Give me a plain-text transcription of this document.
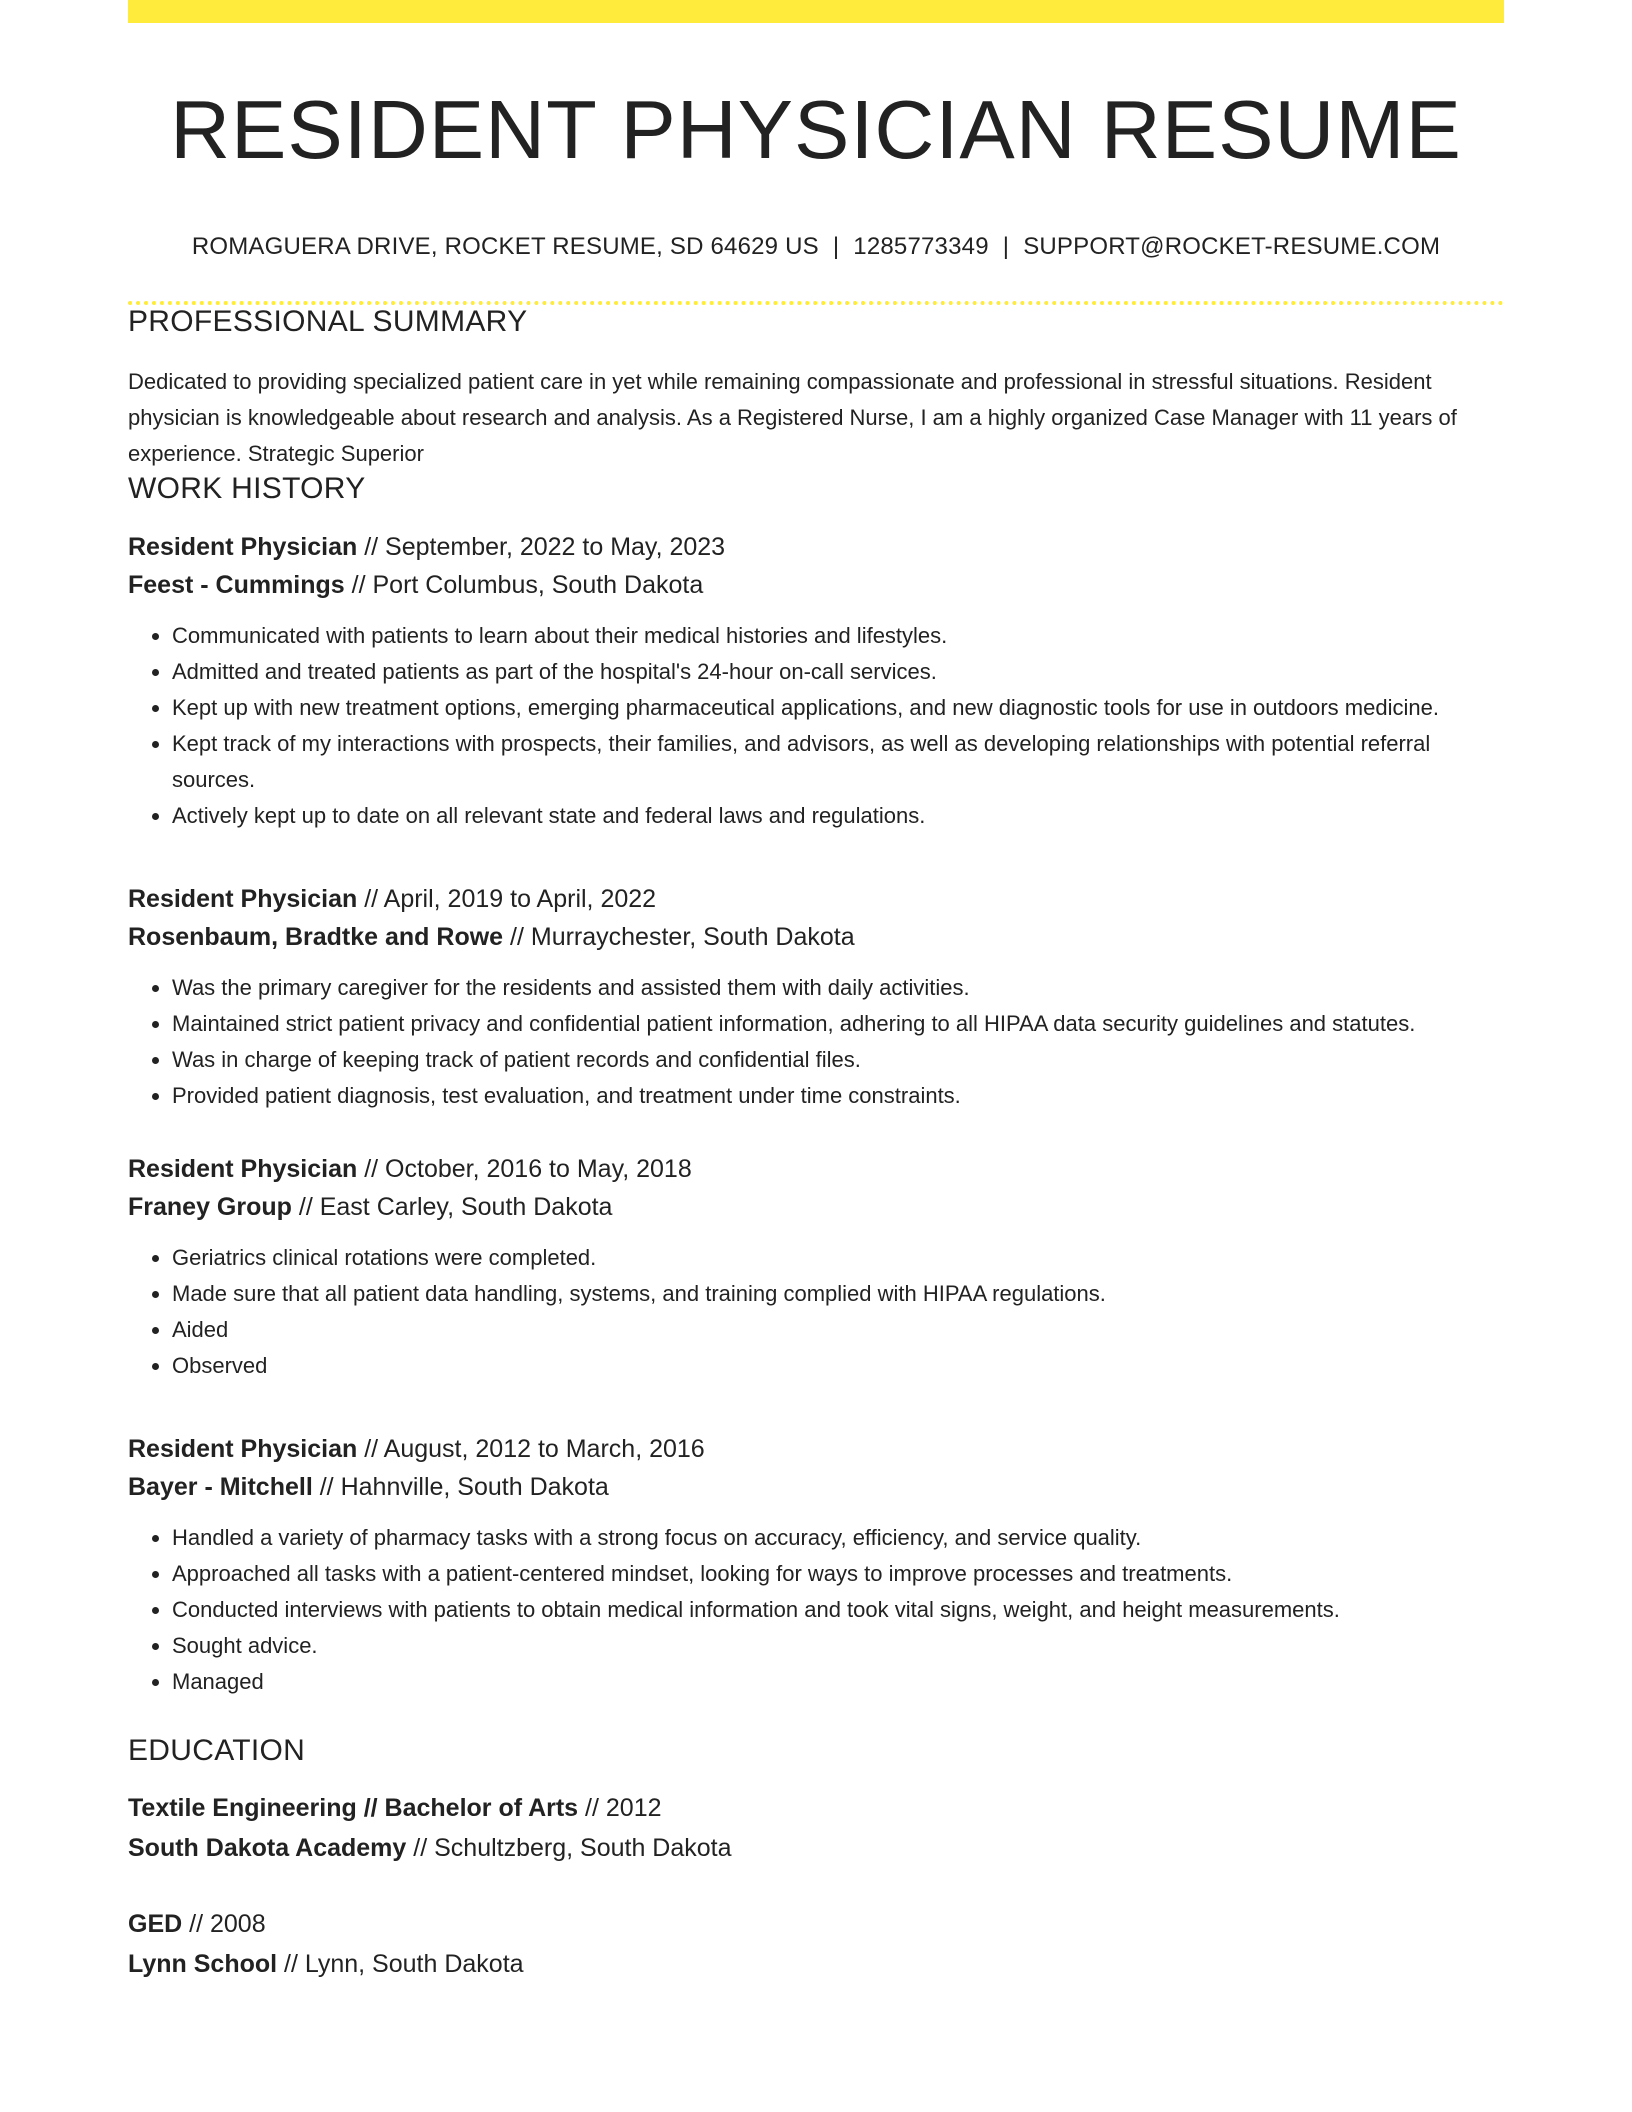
RESIDENT PHYSICIAN RESUME
ROMAGUERA DRIVE, ROCKET RESUME, SD 64629 US | 1285773349 | SUPPORT@ROCKET-RESUME.COM
PROFESSIONAL SUMMARY
Dedicated to providing specialized patient care in yet while remaining compassionate and professional in stressful situations. Resident physician is knowledgeable about research and analysis. As a Registered Nurse, I am a highly organized Case Manager with 11 years of experience. Strategic Superior
WORK HISTORY
Resident Physician // September, 2022 to May, 2023
Feest - Cummings // Port Columbus, South Dakota
• Communicated with patients to learn about their medical histories and lifestyles.
• Admitted and treated patients as part of the hospital's 24-hour on-call services.
• Kept up with new treatment options, emerging pharmaceutical applications, and new diagnostic tools for use in outdoors medicine.
• Kept track of my interactions with prospects, their families, and advisors, as well as developing relationships with potential referral sources.
• Actively kept up to date on all relevant state and federal laws and regulations.
Resident Physician // April, 2019 to April, 2022
Rosenbaum, Bradtke and Rowe // Murraychester, South Dakota
• Was the primary caregiver for the residents and assisted them with daily activities.
• Maintained strict patient privacy and confidential patient information, adhering to all HIPAA data security guidelines and statutes.
• Was in charge of keeping track of patient records and confidential files.
• Provided patient diagnosis, test evaluation, and treatment under time constraints.
Resident Physician // October, 2016 to May, 2018
Franey Group // East Carley, South Dakota
• Geriatrics clinical rotations were completed.
• Made sure that all patient data handling, systems, and training complied with HIPAA regulations.
• Aided
• Observed
Resident Physician // August, 2012 to March, 2016
Bayer - Mitchell // Hahnville, South Dakota
• Handled a variety of pharmacy tasks with a strong focus on accuracy, efficiency, and service quality.
• Approached all tasks with a patient-centered mindset, looking for ways to improve processes and treatments.
• Conducted interviews with patients to obtain medical information and took vital signs, weight, and height measurements.
• Sought advice.
• Managed
EDUCATION
Textile Engineering // Bachelor of Arts // 2012
South Dakota Academy // Schultzberg, South Dakota
GED // 2008
Lynn School // Lynn, South Dakota
